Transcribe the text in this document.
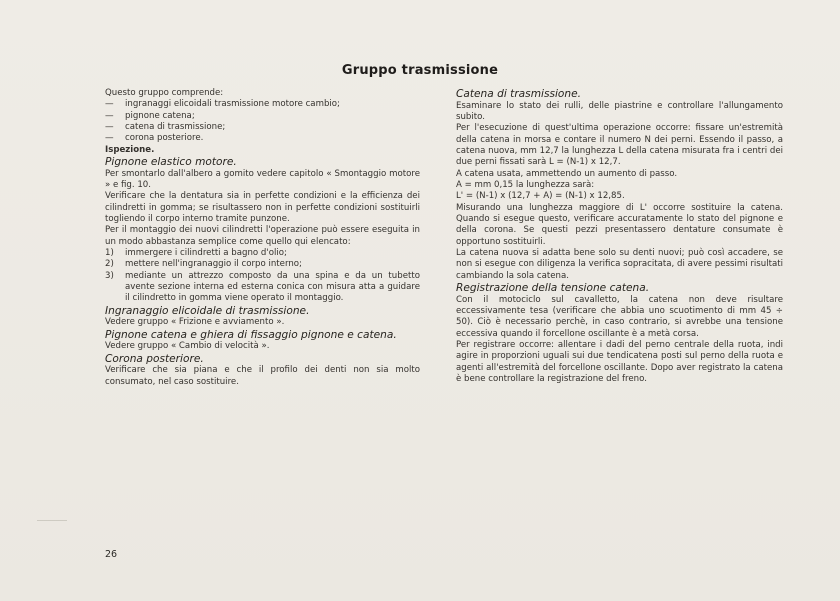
Gruppo trasmissione

Questo gruppo comprende:

—	ingranaggi elicoidali trasmissione motore cambio;
—	pignone catena;
—	catena di trasmissione;
—	corona posteriore.

Ispezione.

Pignone elastico motore.

Per smontarlo dall'albero a gomito vedere capitolo « Smontaggio motore » e fig. 10.

Verificare che la dentatura sia in perfette condizioni e la efficienza dei cilindretti in gomma; se risultassero non in perfette condizioni sostituirli togliendo il corpo interno tramite punzone.

Per il montaggio dei nuovi cilindretti l'operazione può essere eseguita in un modo abbastanza semplice come quello qui elencato:

1)	immergere i cilindretti a bagno d'olio;
2)	mettere nell'ingranaggio il corpo interno;
3)	mediante un attrezzo composto da una spina e da un tubetto avente sezione interna ed esterna conica con misura atta a guidare il cilindretto in gomma viene operato il montaggio.

Ingranaggio elicoidale di trasmissione.

Vedere gruppo « Frizione e avviamento ».

Pignone catena e ghiera di fissaggio pignone e catena.

Vedere gruppo « Cambio di velocità ».

Corona posteriore.

Verificare che sia piana e che il profilo dei denti non sia molto consumato, nel caso sostituire.

Catena di trasmissione.

Esaminare lo stato dei rulli, delle piastrine e controllare l'allungamento subito.

Per l'esecuzione di quest'ultima operazione occorre: fissare un'estremità della catena in morsa e contare il numero N dei perni. Essendo il passo, a catena nuova, mm 12,7 la lunghezza L della catena misurata fra i centri dei due perni fissati sarà L = (N-1) x 12,7.

A catena usata, ammettendo un aumento di passo.

A = mm 0,15 la lunghezza sarà:

L' = (N-1) x (12,7 + A) = (N-1) x 12,85.

Misurando una lunghezza maggiore di L' occorre sostituire la catena. Quando si esegue questo, verificare accuratamente lo stato del pignone e della corona. Se questi pezzi presentassero dentature consumate è opportuno sostituirli.

La catena nuova si adatta bene solo su denti nuovi; può così accadere, se non si esegue con diligenza la verifica sopracitata, di avere pessimi risultati cambiando la sola catena.

Registrazione della tensione catena.

Con il motociclo sul cavalletto, la catena non deve risultare eccessivamente tesa (verificare che abbia uno scuotimento di mm 45 ÷ 50). Ciò è necessario perchè, in caso contrario, si avrebbe una tensione eccessiva quando il forcellone oscillante è a metà corsa.

Per registrare occorre: allentare i dadi del perno centrale della ruota, indi agire in proporzioni uguali sui due tendicatena posti sul perno della ruota e agenti all'estremità del forcellone oscillante. Dopo aver registrato la catena è bene controllare la registrazione del freno.

26
